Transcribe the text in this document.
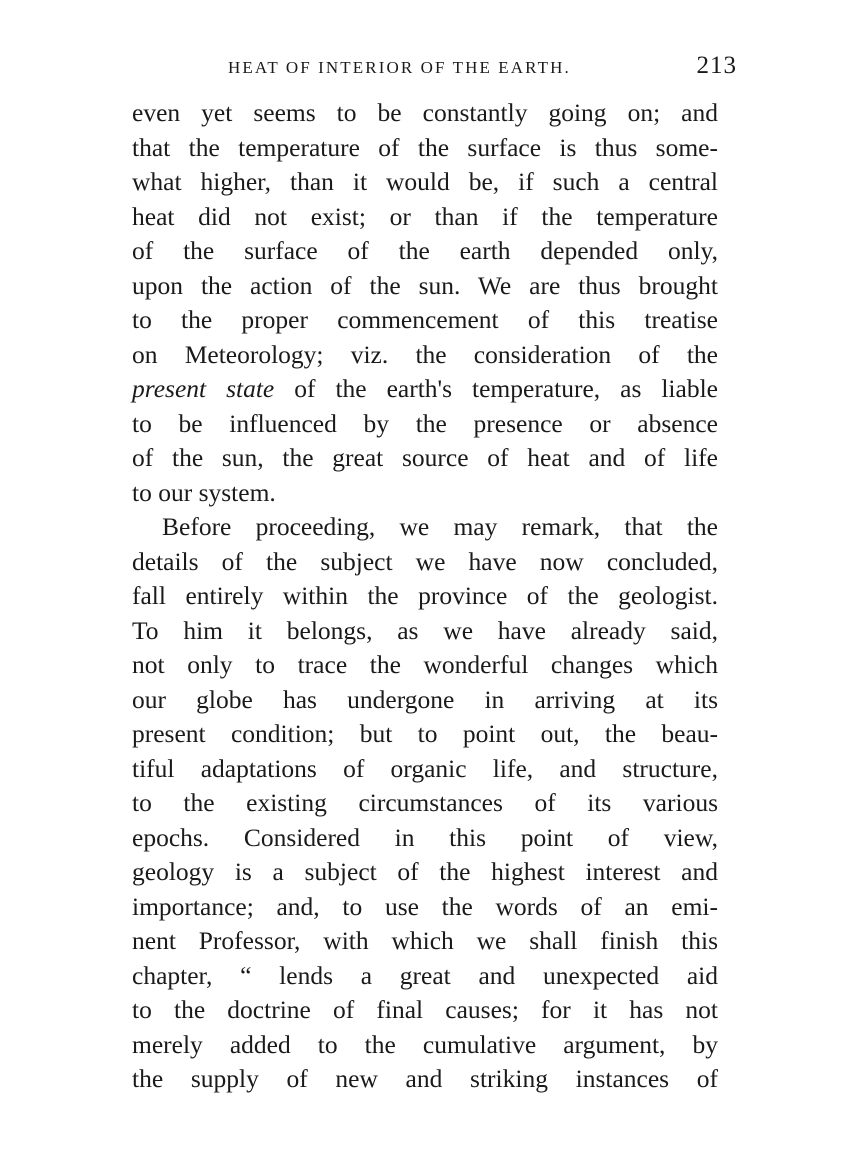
HEAT OF INTERIOR OF THE EARTH.	213
even yet seems to be constantly going on; and
that the temperature of the surface is thus some-
what higher, than it would be, if such a central
heat did not exist; or than if the temperature
of the surface of the earth depended only,
upon the action of the sun. We are thus brought
to the proper commencement of this treatise
on Meteorology; viz. the consideration of the
present state of the earth's temperature, as liable
to be influenced by the presence or absence
of the sun, the great source of heat and of life
to our system.
Before proceeding, we may remark, that the
details of the subject we have now concluded,
fall entirely within the province of the geologist.
To him it belongs, as we have already said,
not only to trace the wonderful changes which
our globe has undergone in arriving at its
present condition; but to point out, the beau-
tiful adaptations of organic life, and structure,
to the existing circumstances of its various
epochs. Considered in this point of view,
geology is a subject of the highest interest and
importance; and, to use the words of an emi-
nent Professor, with which we shall finish this
chapter, “ lends a great and unexpected aid
to the doctrine of final causes; for it has not
merely added to the cumulative argument, by
the supply of new and striking instances of
